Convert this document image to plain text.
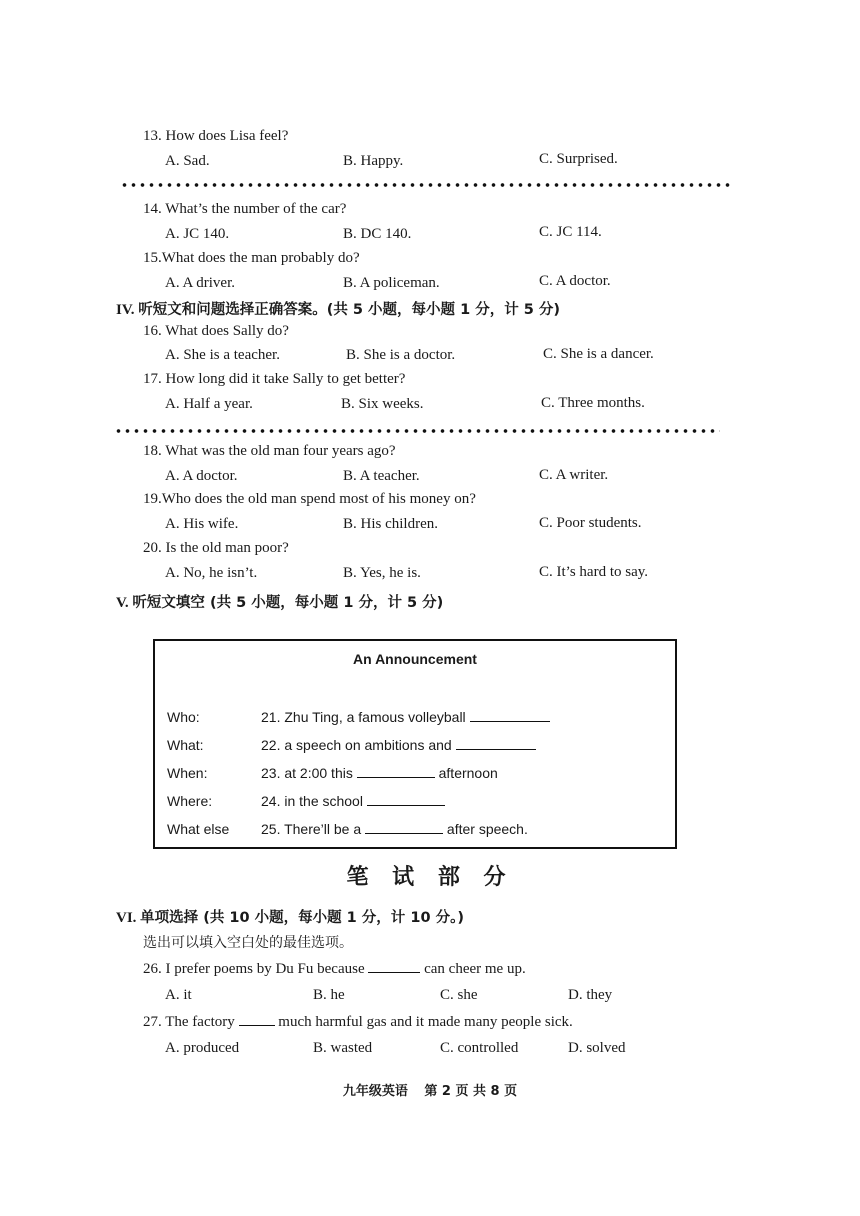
13. How does Lisa feel?
A. Sad.	B. Happy.	C. Surprised.
14. What’s the number of the car?
A. JC 140.	B. DC 140.	C. JC 114.
15.What does the man probably do?
A. A driver.	B. A policeman.	C. A doctor.
IV. 听短文和问题选择正确答案。(共 5 小题，每小题 1 分，计 5 分)
16. What does Sally do?
A. She is a teacher.	B. She is a doctor.	C. She is a dancer.
17. How long did it take Sally to get better?
A. Half a year.	B. Six weeks.	C. Three months.
18. What was the old man four years ago?
A. A doctor.	B. A teacher.	C. A writer.
19.Who does the old man spend most of his money on?
A. His wife.	B. His children.	C. Poor students.
20. Is the old man poor?
A. No, he isn’t.	B. Yes, he is.	C. It’s hard to say.
V. 听短文填空 (共 5 小题，每小题 1 分，计 5 分)
An Announcement
Who:	21. Zhu Ting, a famous volleyball
What:	22. a speech on ambitions and
When:	23. at 2:00 this	afternoon
Where:	24. in the school
What else 25. There’ll be a	after speech.
笔 试 部 分
VI. 单项选择 (共 10 小题，每小题 1 分，计 10 分。)
选出可以填入空白处的最佳选项。
26. I prefer poems by Du Fu because	can cheer me up.
A. it	B. he	C. she	D. they
27. The factory	much harmful gas and it made many people sick.
A. produced	B. wasted	C. controlled	D. solved
九年级英语 第 2 页 共 8 页
